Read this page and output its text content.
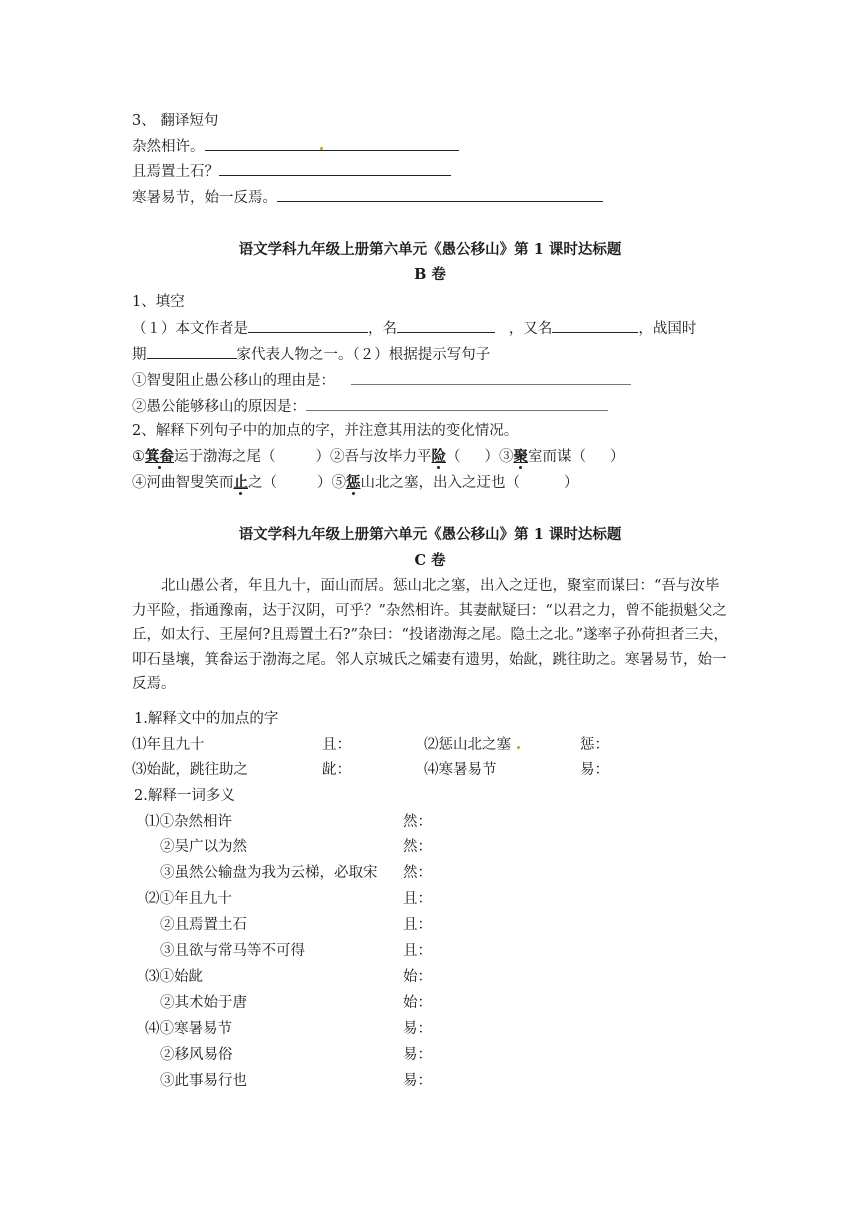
3、 翻译短句
杂然相许。
且焉置土石？
寒暑易节，始一反焉。
语文学科九年级上册第六单元《愚公移山》第 1 课时达标题
B 卷
1、填空
（１）本文作者是	，名	，又名	，战国时
期	家代表人物之一。（２）根据提示写句子
①智叟阻止愚公移山的理由是：
②愚公能够移山的原因是：
2、解释下列句子中的加点的字，并注意其用法的变化情况。
①箕畚运于渤海之尾（	）②吾与汝毕力平险（ ）③聚室而谋（ ）
④河曲智叟笑而止之（	）⑤惩山北之塞，出入之迂也（	）
语文学科九年级上册第六单元《愚公移山》第 1 课时达标题
C 卷

北山愚公者，年且九十，面山而居。惩山北之塞，出入之迂也，聚室而谋曰：“吾与汝毕力平险，指通豫南，达于汉阴，可乎？”杂然相许。其妻献疑曰：“以君之力，曾不能损魁父之丘，如太行、王屋何?且焉置土石?”杂曰：“投诸渤海之尾。隐土之北。”遂率子孙荷担者三夫，叩石垦壤，箕畚运于渤海之尾。邻人京城氏之孀妻有遗男，始龀，跳往助之。寒暑易节，始一反焉。

1.解释文中的加点的字
⑴年且九十	且：	⑵惩山北之塞	惩：
⑶始龀，跳往助之	龀：	⑷寒暑易节	易：
2.解释一词多义
⑴①杂然相许	然：
②吴广以为然	然：
③虽然公输盘为我为云梯，必取宋 然：
⑵①年且九十	且：
②且焉置土石	且：
③且欲与常马等不可得	且：
⑶①始龀	始：
②其术始于唐	始：
⑷①寒暑易节	易：
②移风易俗	易：
③此事易行也	易：
